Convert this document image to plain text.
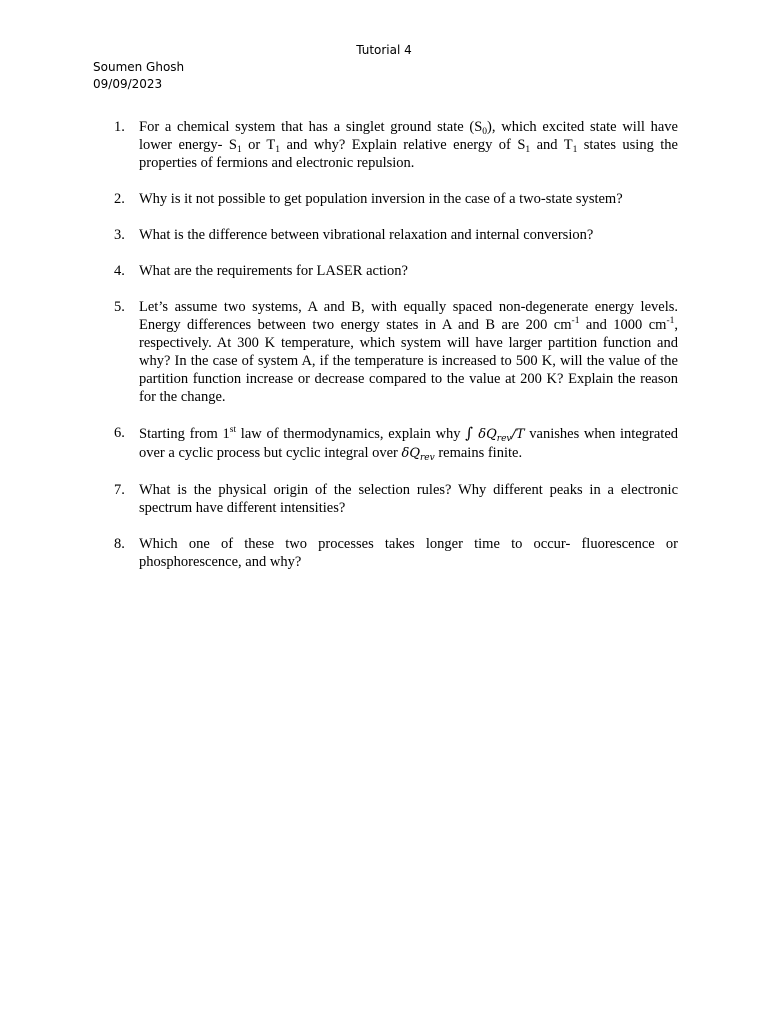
Tutorial 4
Soumen Ghosh
09/09/2023
1. For a chemical system that has a singlet ground state $(S_0)$, which excited state will have lower energy- $S_1$ or $T_1$ and why? Explain relative energy of $S_1$ and $T_1$ states using the properties of fermions and electronic repulsion.
2. Why is it not possible to get population inversion in the case of a two-state system?
3. What is the difference between vibrational relaxation and internal conversion?
4. What are the requirements for LASER action?
5. Let’s assume two systems, A and B, with equally spaced non-degenerate energy levels. Energy differences between two energy states in A and B are 200 $cm^{-1}$ and 1000 $cm^{-1}$, respectively. At 300 K temperature, which system will have larger partition function and why? In the case of system A, if the temperature is increased to 500 K, will the value of the partition function increase or decrease compared to the value at 200 K? Explain the reason for the change.
6. Starting from 1st law of thermodynamics, explain why ∫ $\delta Q_{rev}/T$ vanishes when integrated over a cyclic process but cyclic integral over $\delta Q_{rev}$ remains finite.
7. What is the physical origin of the selection rules? Why different peaks in a electronic spectrum have different intensities?
8. Which one of these two processes takes longer time to occur- fluorescence or phosphorescence, and why?
